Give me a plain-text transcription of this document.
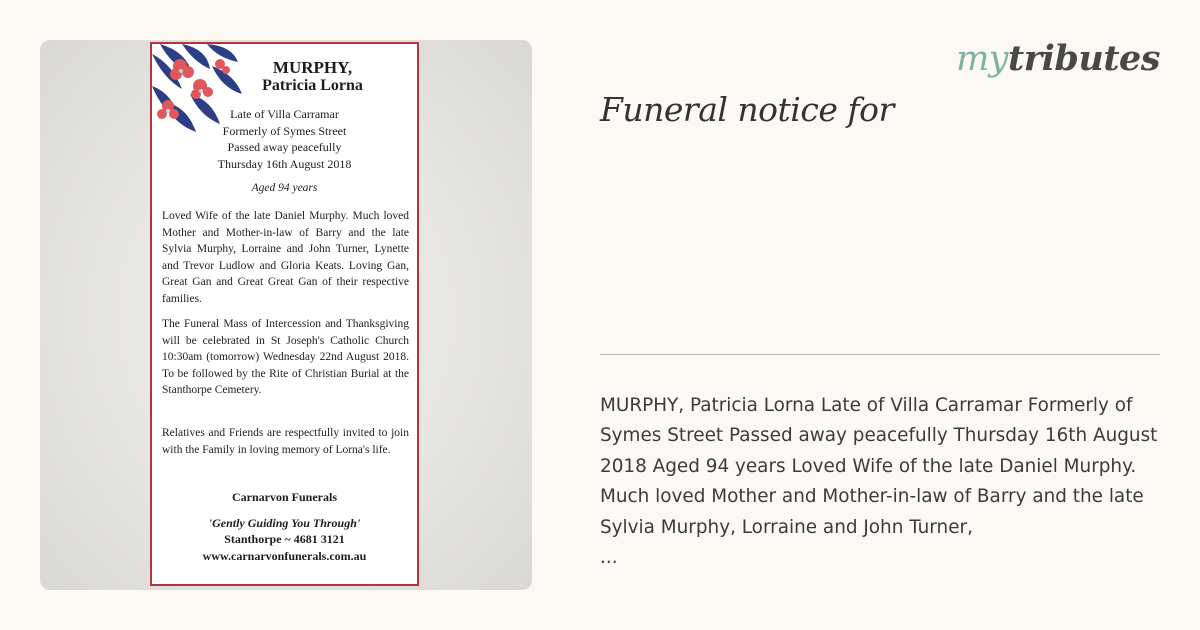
MURPHY,
Patricia Lorna
Late of Villa Carramar
Formerly of Symes Street
Passed away peacefully
Thursday 16th August 2018
Aged 94 years
Loved Wife of the late Daniel Murphy. Much loved Mother and Mother-in-law of Barry and the late Sylvia Murphy, Lorraine and John Turner, Lynette and Trevor Ludlow and Gloria Keats. Loving Gan, Great Gan and Great Great Gan of their respective families.
The Funeral Mass of Intercession and Thanksgiving will be celebrated in St Joseph's Catholic Church 10:30am (tomorrow) Wednesday 22nd August 2018. To be followed by the Rite of Christian Burial at the Stanthorpe Cemetery.
Relatives and Friends are respectfully invited to join with the Family in loving memory of Lorna's life.
Carnarvon Funerals
'Gently Guiding You Through'
Stanthorpe ~ 4681 3121
www.carnarvonfunerals.com.au
mytributes
Funeral notice for
MURPHY, Patricia Lorna Late of Villa Carramar Formerly of Symes Street Passed away peacefully Thursday 16th August 2018 Aged 94 years Loved Wife of the late Daniel Murphy. Much loved Mother and Mother-in-law of Barry and the late Sylvia Murphy, Lorraine and John Turner,
...
